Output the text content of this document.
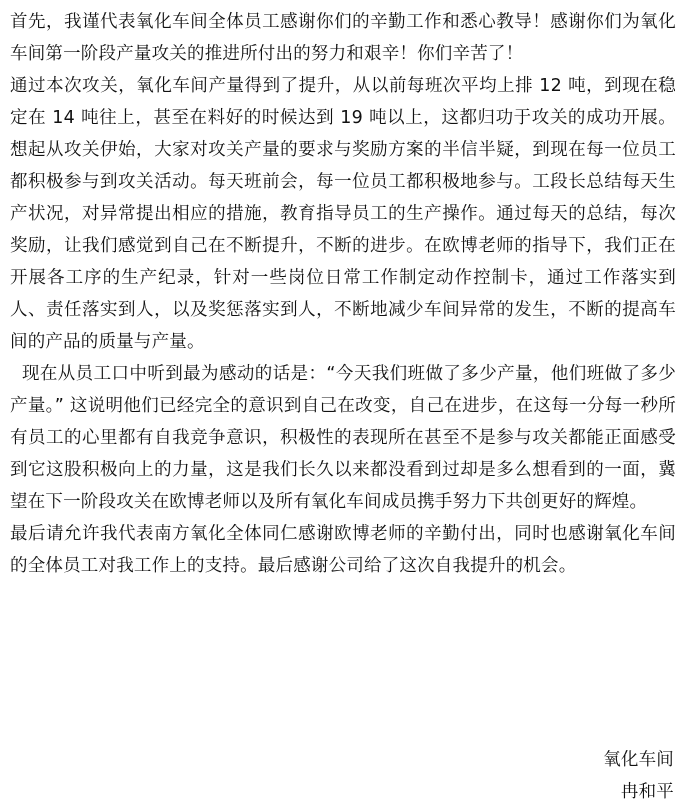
首先，我谨代表氧化车间全体员工感谢你们的辛勤工作和悉心教导！感谢你们为氧化车间第一阶段产量攻关的推进所付出的努力和艰辛！你们辛苦了！

通过本次攻关，氧化车间产量得到了提升，从以前每班次平均上排 12 吨，到现在稳定在 14 吨往上，甚至在料好的时候达到 19 吨以上，这都归功于攻关的成功开展。想起从攻关伊始，大家对攻关产量的要求与奖励方案的半信半疑，到现在每一位员工都积极参与到攻关活动。每天班前会，每一位员工都积极地参与。工段长总结每天生产状况，对异常提出相应的措施，教育指导员工的生产操作。通过每天的总结，每次奖励，让我们感觉到自己在不断提升，不断的进步。在欧博老师的指导下，我们正在开展各工序的生产纪录，针对一些岗位日常工作制定动作控制卡，通过工作落实到人、责任落实到人，以及奖惩落实到人，不断地减少车间异常的发生，不断的提高车间的产品的质量与产量。

现在从员工口中听到最为感动的话是：“今天我们班做了多少产量，他们班做了多少产量。” 这说明他们已经完全的意识到自己在改变，自己在进步，在这每一分每一秒所有员工的心里都有自我竞争意识，积极性的表现所在甚至不是参与攻关都能正面感受到它这股积极向上的力量，这是我们长久以来都没看到过却是多么想看到的一面，冀望在下一阶段攻关在欧博老师以及所有氧化车间成员携手努力下共创更好的辉煌。

最后请允许我代表南方氧化全体同仁感谢欧博老师的辛勤付出，同时也感谢氧化车间的全体员工对我工作上的支持。最后感谢公司给了这次自我提升的机会。

氧化车间
冉和平
